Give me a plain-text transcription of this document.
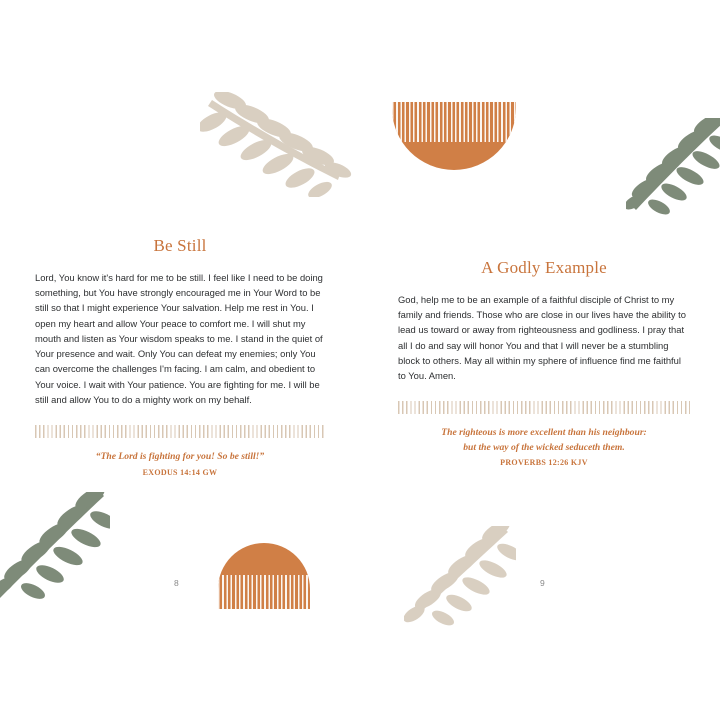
Be Still

Lord, You know it's hard for me to be still. I feel like I need to be doing something, but You have strongly encouraged me in Your Word to be still so that I might experience Your salvation. Help me rest in You. I open my heart and allow Your peace to comfort me. I will shut my mouth and listen as Your wisdom speaks to me. I stand in the quiet of Your presence and wait. Only You can defeat my enemies; only You can overcome the challenges I'm facing. I am calm, and obedient to Your voice. I wait with Your patience. You are fighting for me. I will be still and allow You to do a mighty work on my behalf.

“The Lord is fighting for you! So be still!”

EXODUS 14:14 GW

8
A Godly Example

God, help me to be an example of a faithful disciple of Christ to my family and friends. Those who are close in our lives have the ability to lead us toward or away from righteousness and godliness. I pray that all I do and say will honor You and that I will never be a stumbling block to others. May all within my sphere of influence find me faithful to You. Amen.

The righteous is more excellent than his neighbour:

but the way of the wicked seduceth them.

PROVERBS 12:26 KJV

9
